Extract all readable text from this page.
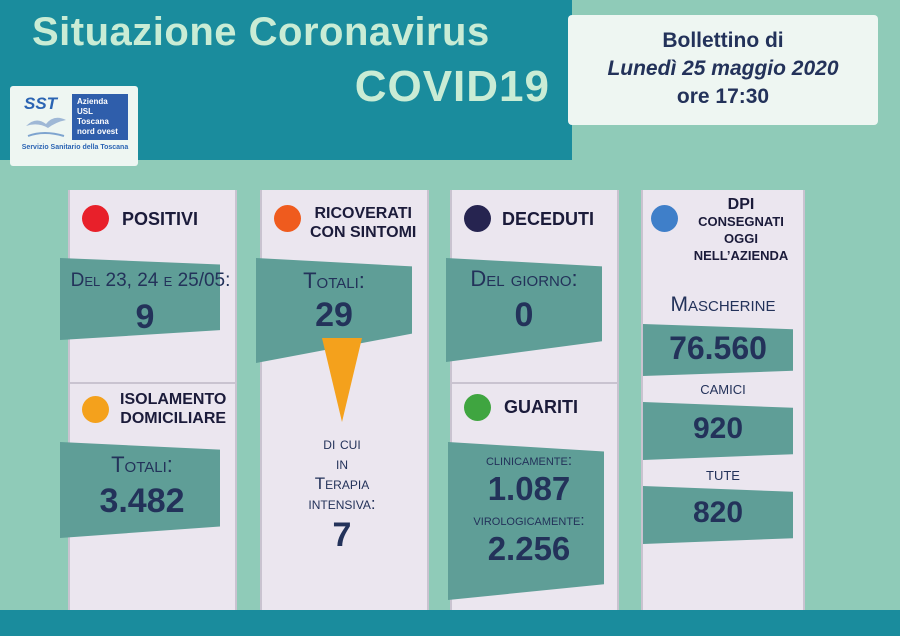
Situazione Coronavirus
COVID19
SST	Azienda
USL
Toscana
nord ovest
Servizio Sanitario della Toscana
Bollettino di
Lunedì 25 maggio 2020
ore 17:30
POSITIVI
Del 23, 24 e 25/05:
9
ISOLAMENTO
DOMICILIARE
Totali:
3.482
RICOVERATI
CON SINTOMI
Totali:
29
di cui
in
Terapia
intensiva:
7
DECEDUTI
Del giorno:
0
GUARITI
clinicamente:
1.087
virologicamente:
2.256
DPI
CONSEGNATI
OGGI
NELL’AZIENDA
Mascherine
76.560
camici
920
tute
820
